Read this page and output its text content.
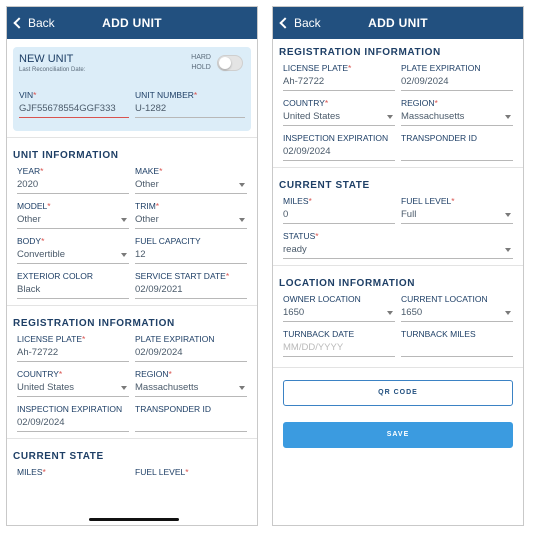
Back	ADD UNIT
NEW UNIT
Last Reconciliation Date:
HARD
HOLD
VIN*
GJF55678554GGF333
UNIT NUMBER*
U-1282
UNIT INFORMATION
YEAR*
2020
MAKE*
Other
MODEL*
Other
TRIM*
Other
BODY*
Convertible
FUEL CAPACITY
12
EXTERIOR COLOR
Black
SERVICE START DATE*
02/09/2021
REGISTRATION INFORMATION
LICENSE PLATE*
Ah-72722
PLATE EXPIRATION
02/09/2024
COUNTRY*
United States
REGION*
Massachusetts
INSPECTION EXPIRATION
02/09/2024
TRANSPONDER ID
CURRENT STATE
MILES*	FUEL LEVEL*
Back	ADD UNIT
REGISTRATION INFORMATION
LICENSE PLATE*
Ah-72722
PLATE EXPIRATION
02/09/2024
COUNTRY*
United States
REGION*
Massachusetts
INSPECTION EXPIRATION
02/09/2024
TRANSPONDER ID
CURRENT STATE
MILES*
0
FUEL LEVEL*
Full
STATUS*
ready
LOCATION INFORMATION
OWNER LOCATION
1650
CURRENT LOCATION
1650
TURNBACK DATE
MM/DD/YYYY
TURNBACK MILES
QR CODE
SAVE
